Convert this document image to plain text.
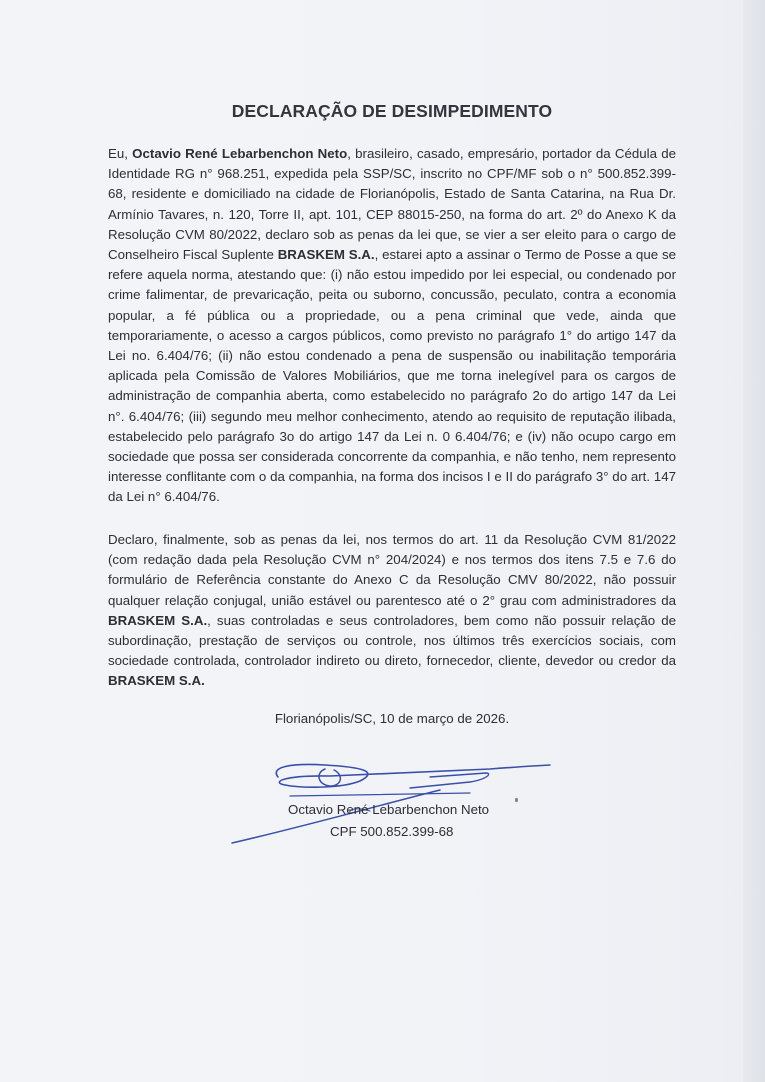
DECLARAÇÃO DE DESIMPEDIMENTO
Eu, Octavio René Lebarbenchon Neto, brasileiro, casado, empresário, portador da Cédula de Identidade RG n° 968.251, expedida pela SSP/SC, inscrito no CPF/MF sob o n° 500.852.399-68, residente e domiciliado na cidade de Florianópolis, Estado de Santa Catarina, na Rua Dr. Armínio Tavares, n. 120, Torre II, apt. 101, CEP 88015-250, na forma do art. 2º do Anexo K da Resolução CVM 80/2022, declaro sob as penas da lei que, se vier a ser eleito para o cargo de Conselheiro Fiscal Suplente BRASKEM S.A., estarei apto a assinar o Termo de Posse a que se refere aquela norma, atestando que: (i) não estou impedido por lei especial, ou condenado por crime falimentar, de prevaricação, peita ou suborno, concussão, peculato, contra a economia popular, a fé pública ou a propriedade, ou a pena criminal que vede, ainda que temporariamente, o acesso a cargos públicos, como previsto no parágrafo 1° do artigo 147 da Lei no. 6.404/76; (ii) não estou condenado a pena de suspensão ou inabilitação temporária aplicada pela Comissão de Valores Mobiliários, que me torna inelegível para os cargos de administração de companhia aberta, como estabelecido no parágrafo 2o do artigo 147 da Lei n°. 6.404/76; (iii) segundo meu melhor conhecimento, atendo ao requisito de reputação ilibada, estabelecido pelo parágrafo 3o do artigo 147 da Lei n. 0 6.404/76; e (iv) não ocupo cargo em sociedade que possa ser considerada concorrente da companhia, e não tenho, nem represento interesse conflitante com o da companhia, na forma dos incisos I e II do parágrafo 3° do art. 147 da Lei n° 6.404/76.
Declaro, finalmente, sob as penas da lei, nos termos do art. 11 da Resolução CVM 81/2022 (com redação dada pela Resolução CVM n° 204/2024) e nos termos dos itens 7.5 e 7.6 do formulário de Referência constante do Anexo C da Resolução CMV 80/2022, não possuir qualquer relação conjugal, união estável ou parentesco até o 2° grau com administradores da BRASKEM S.A., suas controladas e seus controladores, bem como não possuir relação de subordinação, prestação de serviços ou controle, nos últimos três exercícios sociais, com sociedade controlada, controlador indireto ou direto, fornecedor, cliente, devedor ou credor da BRASKEM S.A.
Florianópolis/SC, 10 de março de 2026.
Octavio René Lebarbenchon Neto
CPF 500.852.399-68
